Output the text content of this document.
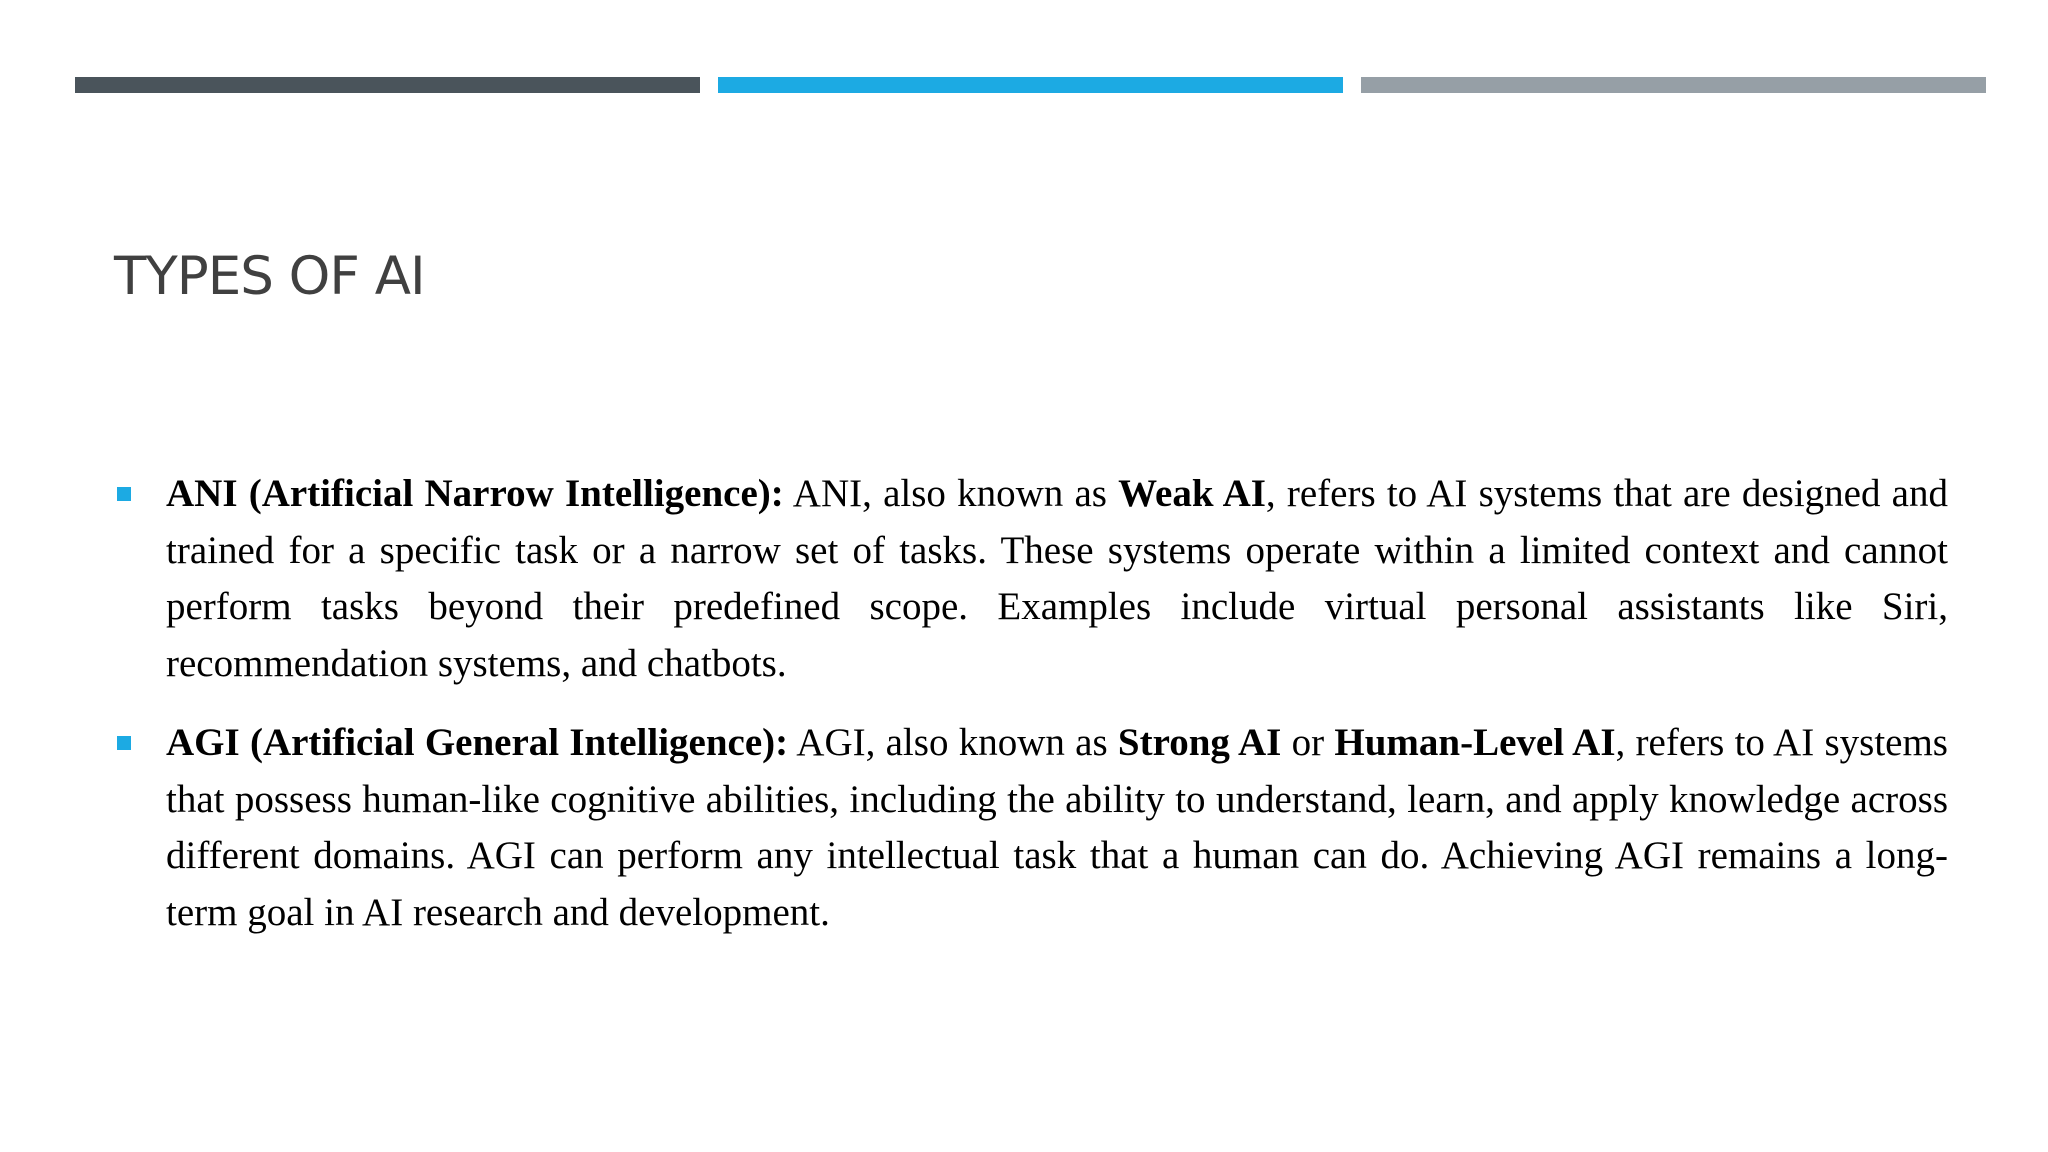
TYPES OF AI
ANI (Artificial Narrow Intelligence): ANI, also known as Weak AI, refers to AI systems that are designed and trained for a specific task or a narrow set of tasks. These systems operate within a limited context and cannot perform tasks beyond their predefined scope. Examples include virtual personal assistants like Siri, recommendation systems, and chatbots.
AGI (Artificial General Intelligence): AGI, also known as Strong AI or Human-Level AI, refers to AI systems that possess human-like cognitive abilities, including the ability to understand, learn, and apply knowledge across different domains. AGI can perform any intellectual task that a human can do. Achieving AGI remains a long-term goal in AI research and development.
